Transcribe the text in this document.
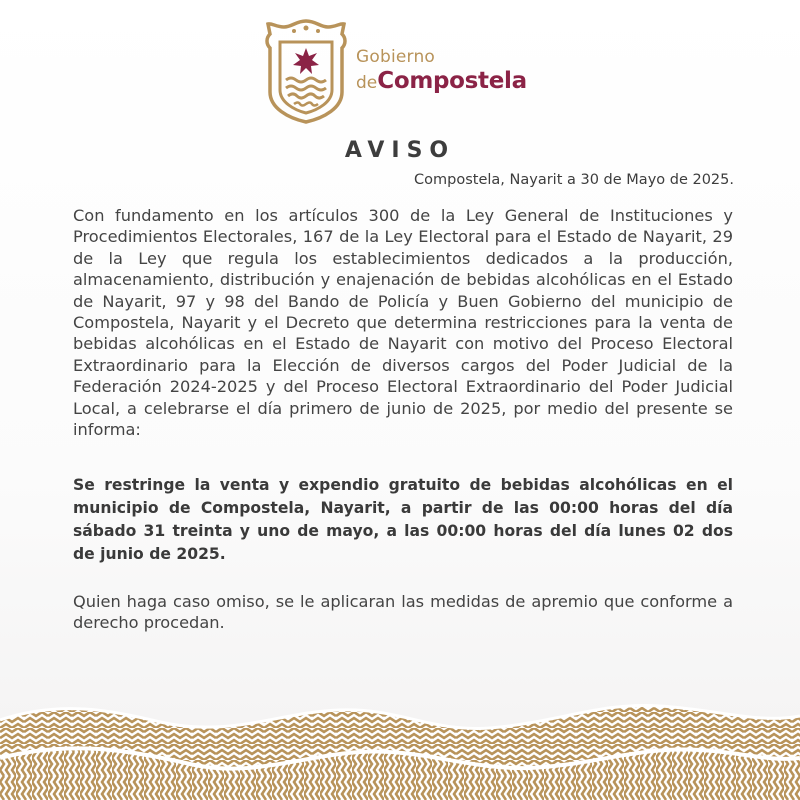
Gobierno
deCompostela
AVISO
Compostela, Nayarit a 30 de Mayo de 2025.
Con fundamento en los artículos 300 de la Ley General de Instituciones y Procedimientos Electorales, 167 de la Ley Electoral para el Estado de Nayarit, 29 de la Ley que regula los establecimientos dedicados a la producción, almacenamiento, distribución y enajenación de bebidas alcohólicas en el Estado de Nayarit, 97 y 98 del Bando de Policía y Buen Gobierno del municipio de Compostela, Nayarit y el Decreto que determina restricciones para la venta de bebidas alcohólicas en el Estado de Nayarit con motivo del Proceso Electoral Extraordinario para la Elección de diversos cargos del Poder Judicial de la Federación 2024-2025 y del Proceso Electoral Extraordinario del Poder Judicial Local, a celebrarse el día primero de junio de 2025, por medio del presente se informa:
Se restringe la venta y expendio gratuito de bebidas alcohólicas en el municipio de Compostela, Nayarit, a partir de las 00:00 horas del día sábado 31 treinta y uno de mayo, a las 00:00 horas del día lunes 02 dos de junio de 2025.
Quien haga caso omiso, se le aplicaran las medidas de apremio que conforme a derecho procedan.
